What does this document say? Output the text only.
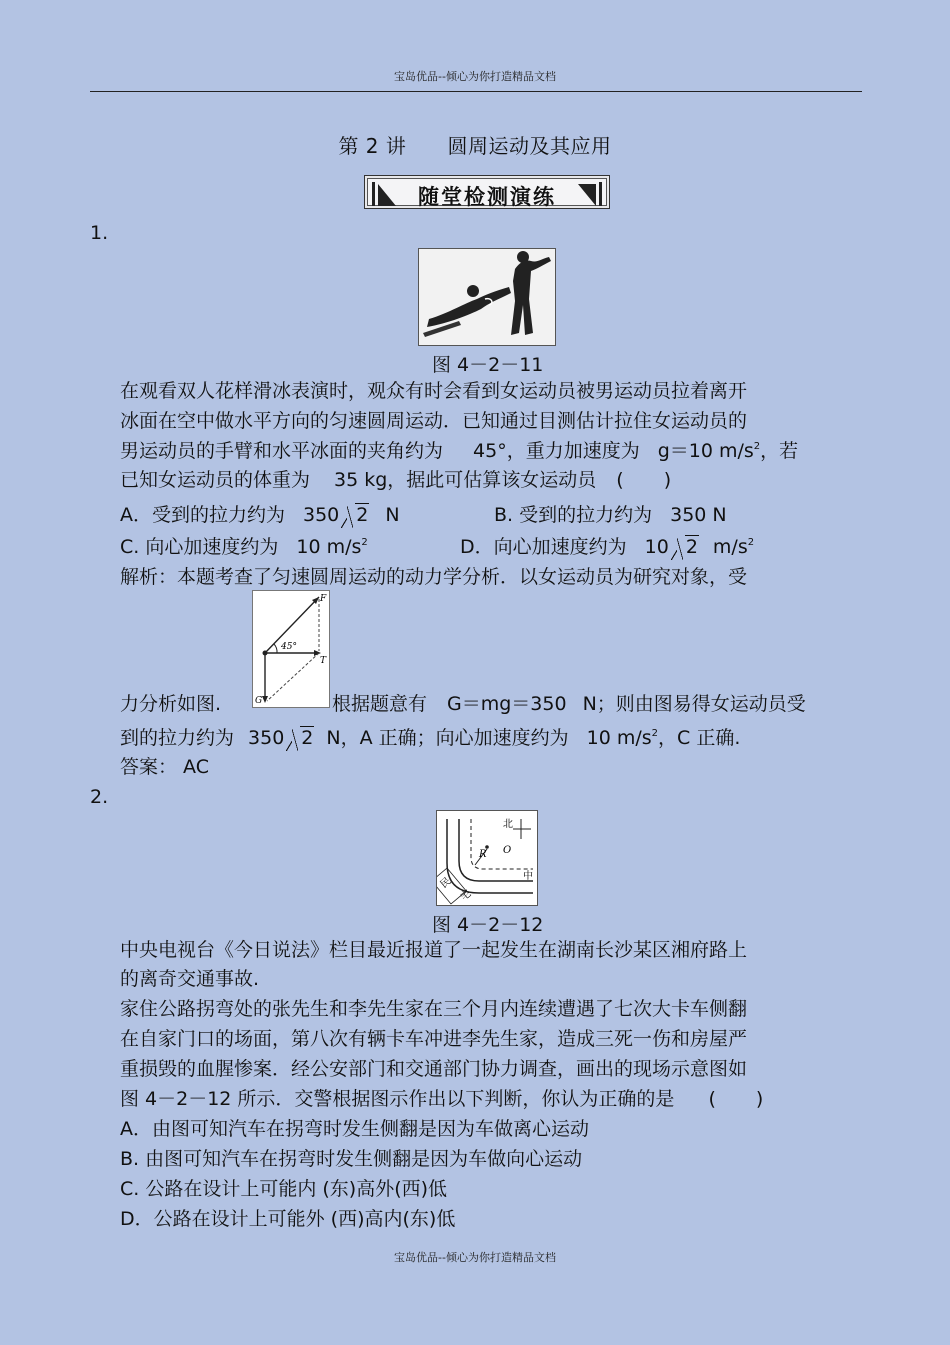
宝岛优品--倾心为你打造精品文档
第 2 讲 圆周运动及其应用
随堂检测演练
1.
图 4－2－11
在观看双人花样滑冰表演时，观众有时会看到女运动员被男运动员拉着离开
冰面在空中做水平方向的匀速圆周运动．已知通过目测估计拉住女运动员的
男运动员的手臂和水平冰面的夹角约为 45°，重力加速度为 g＝10 $m/s^2$，若
已知女运动员的体重为 35 kg，据此可估算该女运动员 ( )
A．受到的拉力约为 350 2 N	B. 受到的拉力约为 350 N
C. 向心加速度约为 10 $m/s^2$	D．向心加速度约为 10 2 $m/s^2$
解析：本题考查了匀速圆周运动的动力学分析．以女运动员为研究对象，受
45°
F
T
G
力分析如图.	根据题意有 G＝mg＝350 N；则由图易得女运动员受
到的拉力约为 350 2 N，A 正确；向心加速度约为 10 $m/s^2$，C 正确.
答案： AC
2.
北
O
R
中
民
宅
图 4－2－12
中央电视台《今日说法》栏目最近报道了一起发生在湖南长沙某区湘府路上
的离奇交通事故.
家住公路拐弯处的张先生和李先生家在三个月内连续遭遇了七次大卡车侧翻
在自家门口的场面，第八次有辆卡车冲进李先生家，造成三死一伤和房屋严
重损毁的血腥惨案．经公安部门和交通部门协力调查，画出的现场示意图如
图 4－2－12 所示．交警根据图示作出以下判断，你认为正确的是 ( )
A．由图可知汽车在拐弯时发生侧翻是因为车做离心运动
B. 由图可知汽车在拐弯时发生侧翻是因为车做向心运动
C. 公路在设计上可能内 (东)高外(西)低
D．公路在设计上可能外 (西)高内(东)低
宝岛优品--倾心为你打造精品文档
